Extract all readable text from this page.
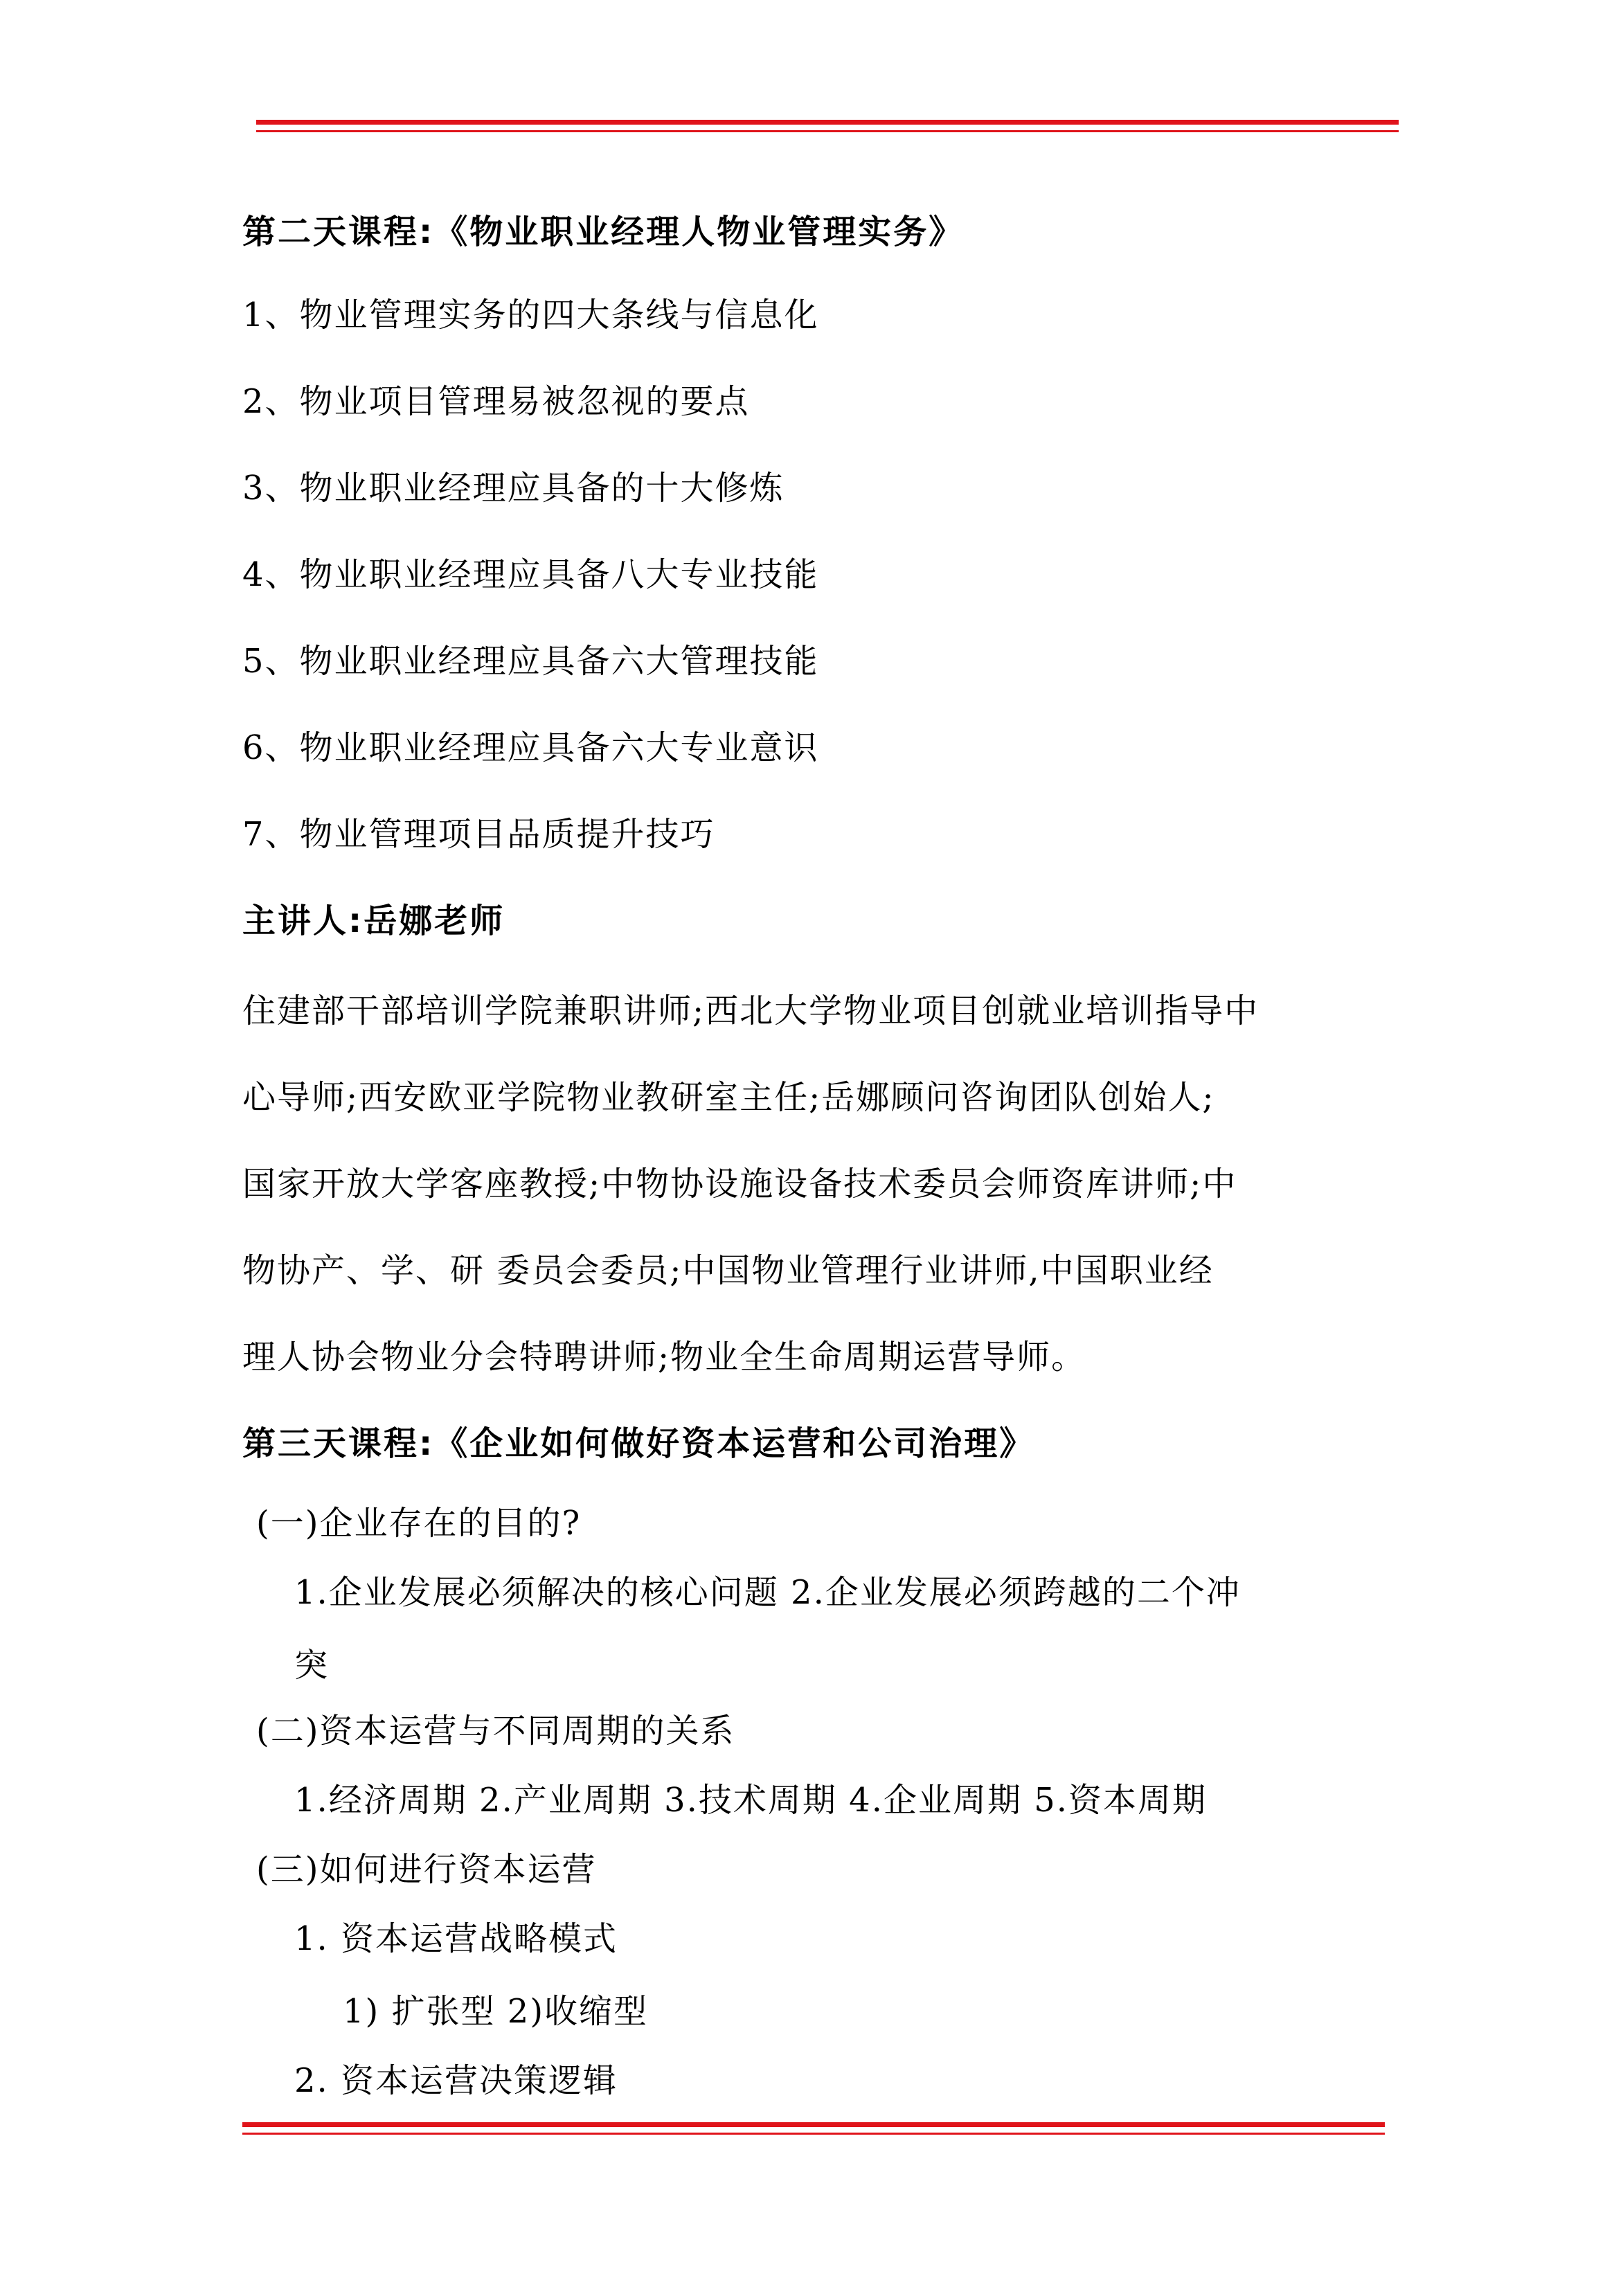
第二天课程:《物业职业经理人物业管理实务》
1、物业管理实务的四大条线与信息化
2、物业项目管理易被忽视的要点
3、物业职业经理应具备的十大修炼
4、物业职业经理应具备八大专业技能
5、物业职业经理应具备六大管理技能
6、物业职业经理应具备六大专业意识
7、物业管理项目品质提升技巧
主讲人:岳娜老师
住建部干部培训学院兼职讲师;西北大学物业项目创就业培训指导中
心导师;西安欧亚学院物业教研室主任;岳娜顾问咨询团队创始人;
国家开放大学客座教授;中物协设施设备技术委员会师资库讲师;中
物协产、学、研 委员会委员;中国物业管理行业讲师,中国职业经
理人协会物业分会特聘讲师;物业全生命周期运营导师。
第三天课程:《企业如何做好资本运营和公司治理》
(一)企业存在的目的?
1.企业发展必须解决的核心问题 2.企业发展必须跨越的二个冲
突
(二)资本运营与不同周期的关系
1.经济周期 2.产业周期 3.技术周期 4.企业周期 5.资本周期
(三)如何进行资本运营
1. 资本运营战略模式
1) 扩张型 2)收缩型
2. 资本运营决策逻辑
